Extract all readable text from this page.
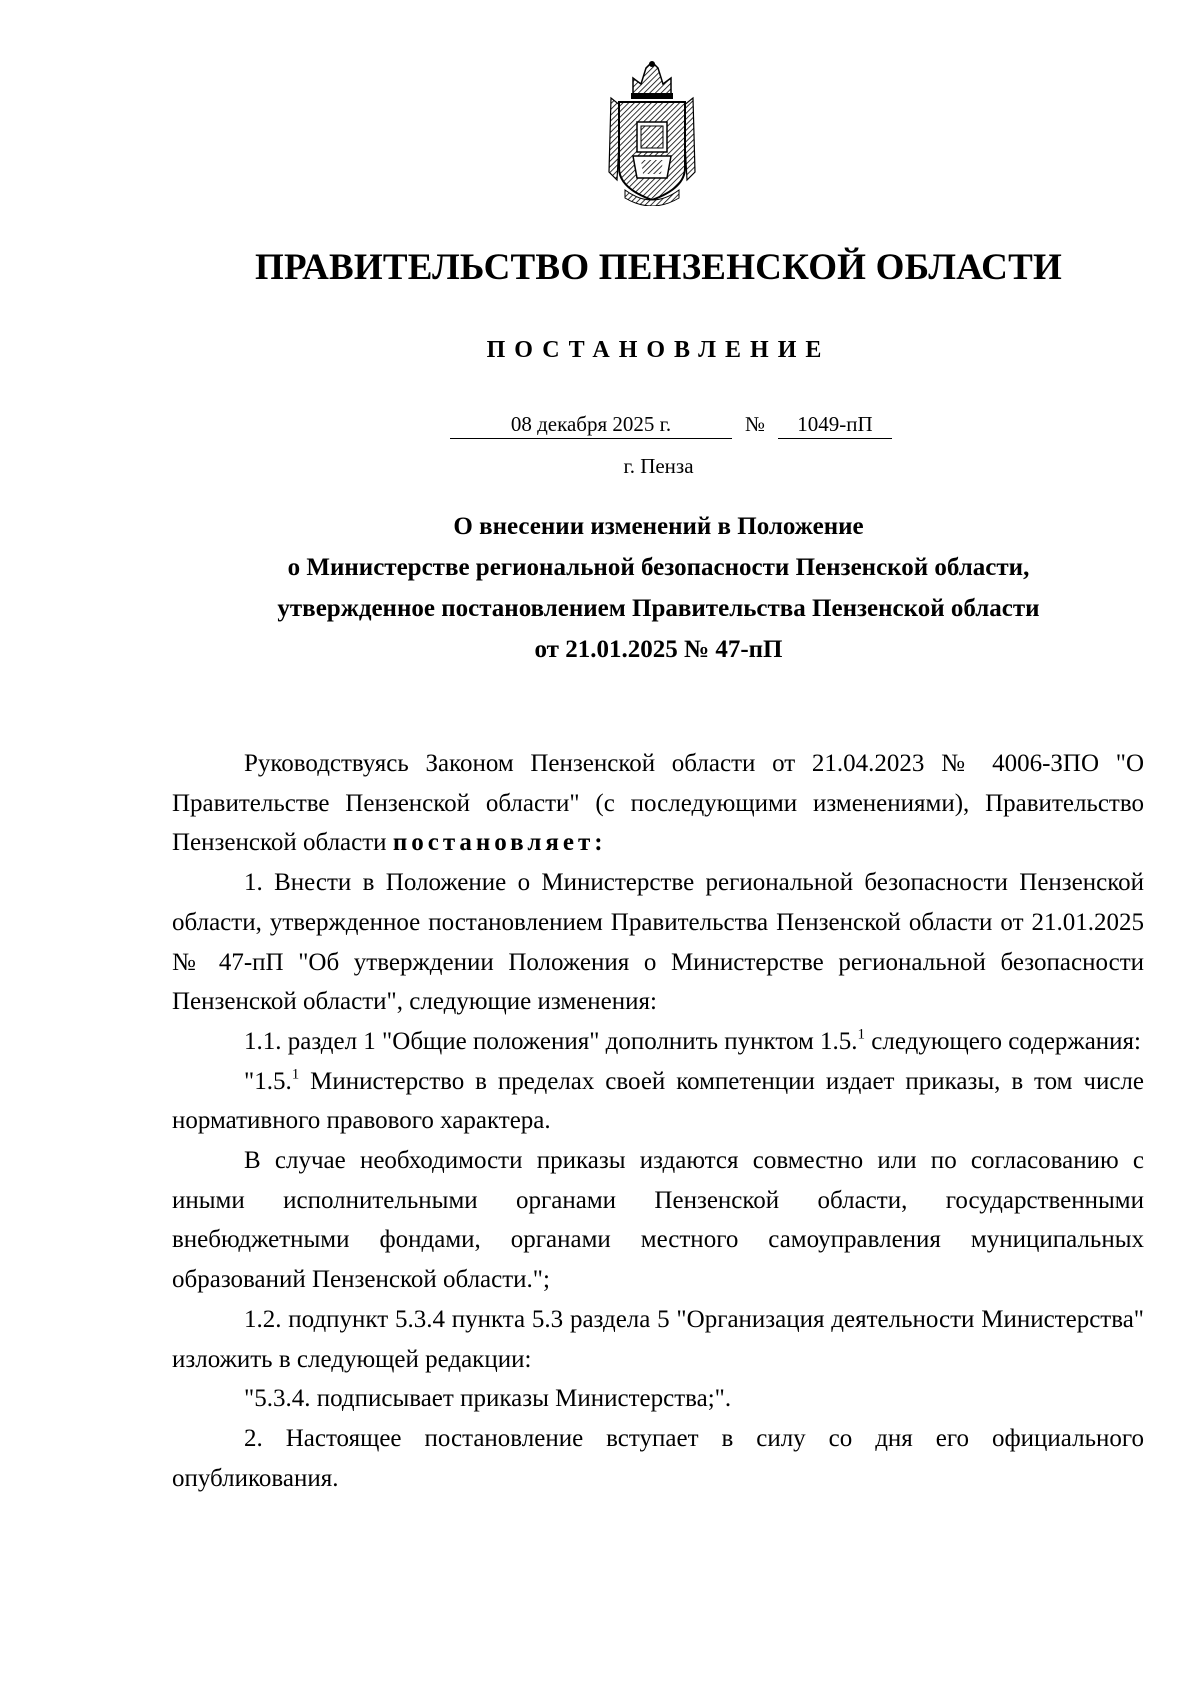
ПРАВИТЕЛЬСТВО ПЕНЗЕНСКОЙ ОБЛАСТИ
ПОСТАНОВЛЕНИЕ
08 декабря 2025 г.	№	1049-пП
г. Пенза
О внесении изменений в Положение
о Министерстве региональной безопасности Пензенской области,
утвержденное постановлением Правительства Пензенской области
от 21.01.2025 № 47-пП

Руководствуясь Законом Пензенской области от 21.04.2023 № 4006-ЗПО "О Правительстве Пензенской области" (с последующими изменениями), Правительство Пензенской области постановляет:

1. Внести в Положение о Министерстве региональной безопасности Пензенской области, утвержденное постановлением Правительства Пензенской области от 21.01.2025 № 47-пП "Об утверждении Положения о Министерстве региональной безопасности Пензенской области", следующие изменения:

1.1. раздел 1 "Общие положения" дополнить пунктом 1.5.$^1$ следующего содержания:

"1.5.$^1$ Министерство в пределах своей компетенции издает приказы, в том числе нормативного правового характера.

В случае необходимости приказы издаются совместно или по согласованию с иными исполнительными органами Пензенской области, государственными внебюджетными фондами, органами местного самоуправления муниципальных образований Пензенской области.";

1.2. подпункт 5.3.4 пункта 5.3 раздела 5 "Организация деятельности Министерства" изложить в следующей редакции:

"5.3.4. подписывает приказы Министерства;".

2. Настоящее постановление вступает в силу со дня его официального опубликования.
